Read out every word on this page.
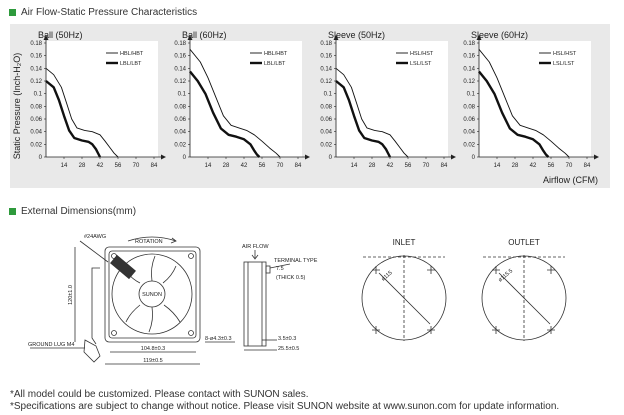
Air Flow-Static Pressure Characteristics
Static Pressure (Inch-H₂O)
Airflow (CFM)
Ball (50Hz)
0
0.02
0.04
0.06
0.08
0.1
0.12
0.14
0.16
0.18
14 28 42 56 70 84
HBL/HBT
LBL/LBT
Ball (60Hz)
0
0.02
0.04
0.06
0.08
0.1
0.12
0.14
0.16
0.18
14 28 42 56 70 84
HBL/HBT
LBL/LBT
Sleeve (50Hz)
0
0.02
0.04
0.06
0.08
0.1
0.12
0.14
0.16
0.18
14 28 42 56 70 84
HSL/HST
LSL/LST
Sleeve (60Hz)
0
0.02
0.04
0.06
0.08
0.1
0.12
0.14
0.16
0.18
14 28 42 56 70 84
HSL/HST
LSL/LST
External Dimensions(mm)
#24AWG
ROTATION
SUNON
120±1.0
GROUND LUG M4
104.8±0.3
119±0.5
8-ø4.3±0.3
AIR FLOW
TERMINAL TYPE
7.5
(THICK 0.5)
3.5±0.3
25.5±0.5
ø115	ø115.5
INLET	OUTLET
*All model could be customized. Please contact with SUNON sales.
*Specifications are subject to change without notice. Please visit SUNON website at www.sunon.com for update information.
